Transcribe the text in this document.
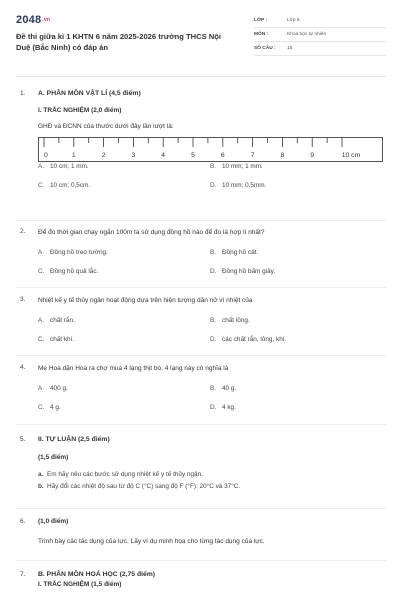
2048.vn
Đề thi giữa kì 1 KHTN 6 năm 2025-2026 trường THCS Nội Duệ (Bắc Ninh) có đáp án
LỚP :	Lớp 6
MÔN :	Khoa học tự nhiên
SỐ CÂU :	15
1. A. PHÂN MÔN VẬT LÍ (4,5 điểm)
I. TRẮC NGHIỆM (2,0 điểm)
GHĐ và ĐCNN của thước dưới đây lần lượt là:
0	1	2	3	4	5	6	7	8	9	10 cm
A. 10 cm; 1 mm.	B. 10 mm; 1 mm.
C. 10 cm; 0,5cm.	D. 10 mm; 0,5mm.
2. Để đo thời gian chạy ngắn 100m ta sử dụng đồng hồ nào để đo là hợp lí nhất?
A. Đồng hồ treo tường.	B. Đồng hồ cát.
C. Đồng hồ quả lắc.	D. Đồng hồ bấm giây.
3. Nhiệt kế y tế thủy ngân hoạt động dựa trên hiện tượng dãn nở vì nhiệt của
A. chất rắn.	B. chất lỏng.
C. chất khí.	D. các chất rắn, lỏng, khí.
4. Mẹ Hoa dặn Hoa ra chợ mua 4 lạng thịt bò, 4 lạng này có nghĩa là
A. 400 g.	B. 40 g.
C. 4 g.	D. 4 kg.
5. II. TỰ LUẬN (2,5 điểm)
(1,5 điểm)
a. Em hãy nêu các bước sử dụng nhiệt kế y tế thủy ngân.
b. Hãy đổi các nhiệt độ sau từ độ C (°C) sang độ F (°F): 20°C và 37°C.
6. (1,0 điểm)
Trình bày các tác dụng của lực. Lấy ví dụ minh họa cho từng tác dụng của lực.
7. B. PHÂN MÔN HOÁ HỌC (2,75 điểm)
I. TRẮC NGHIỆM (1,5 điểm)
